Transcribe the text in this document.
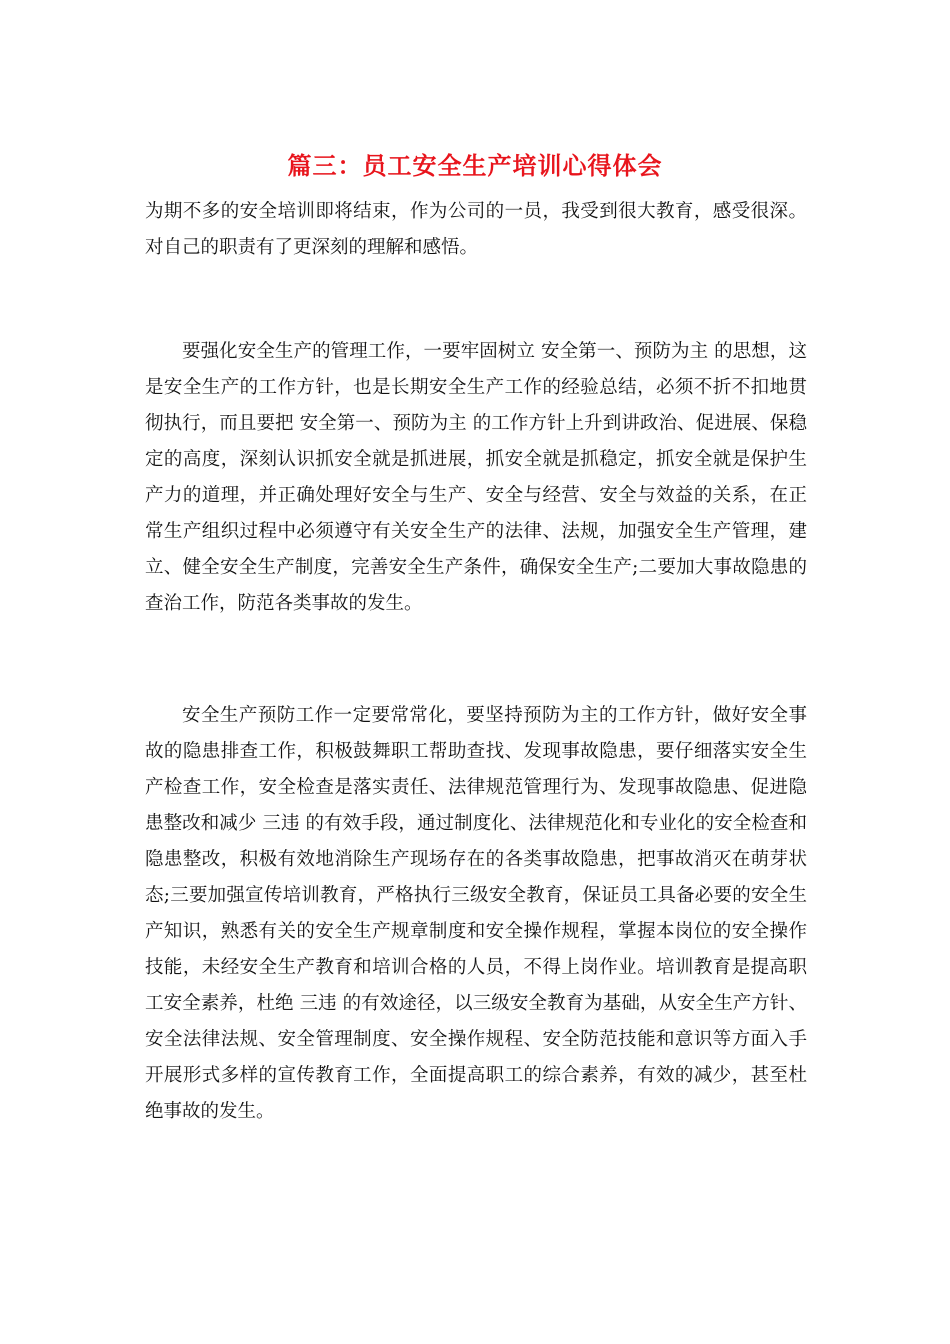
篇三：员工安全生产培训心得体会
为期不多的安全培训即将结束，作为公司的一员，我受到很大教育，感受很深。对自己的职责有了更深刻的理解和感悟。
要强化安全生产的管理工作，一要牢固树立 安全第一、预防为主 的思想，这是安全生产的工作方针，也是长期安全生产工作的经验总结，必须不折不扣地贯彻执行，而且要把 安全第一、预防为主 的工作方针上升到讲政治、促进展、保稳定的高度，深刻认识抓安全就是抓进展，抓安全就是抓稳定，抓安全就是保护生产力的道理，并正确处理好安全与生产、安全与经营、安全与效益的关系，在正常生产组织过程中必须遵守有关安全生产的法律、法规，加强安全生产管理，建立、健全安全生产制度，完善安全生产条件，确保安全生产;二要加大事故隐患的查治工作，防范各类事故的发生。
安全生产预防工作一定要常常化，要坚持预防为主的工作方针，做好安全事故的隐患排查工作，积极鼓舞职工帮助查找、发现事故隐患，要仔细落实安全生产检查工作，安全检查是落实责任、法律规范管理行为、发现事故隐患、促进隐患整改和减少 三违 的有效手段，通过制度化、法律规范化和专业化的安全检查和隐患整改，积极有效地消除生产现场存在的各类事故隐患，把事故消灭在萌芽状态;三要加强宣传培训教育，严格执行三级安全教育，保证员工具备必要的安全生产知识，熟悉有关的安全生产规章制度和安全操作规程，掌握本岗位的安全操作技能，未经安全生产教育和培训合格的人员，不得上岗作业。培训教育是提高职工安全素养，杜绝 三违 的有效途径，以三级安全教育为基础，从安全生产方针、安全法律法规、安全管理制度、安全操作规程、安全防范技能和意识等方面入手开展形式多样的宣传教育工作，全面提高职工的综合素养，有效的减少，甚至杜绝事故的发生。
